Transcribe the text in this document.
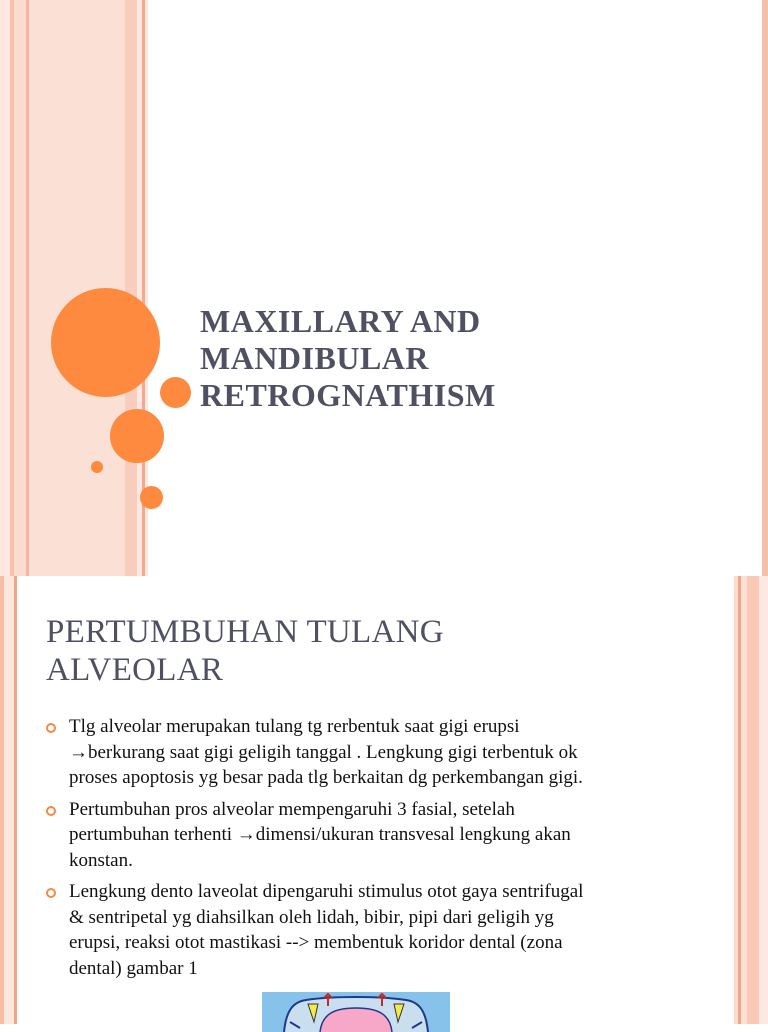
MAXILLARY AND
MANDIBULAR
RETROGNATHISM
PERTUMBUHAN TULANG
ALVEOLAR
Tlg alveolar merupakan tulang tg rerbentuk saat gigi erupsi
→berkurang saat gigi geligih tanggal . Lengkung gigi terbentuk ok
proses apoptosis yg besar pada tlg berkaitan dg perkembangan gigi.
Pertumbuhan pros alveolar mempengaruhi 3 fasial, setelah
pertumbuhan terhenti →dimensi/ukuran transvesal lengkung akan
konstan.
Lengkung dento laveolat dipengaruhi stimulus otot gaya sentrifugal
& sentripetal yg diahsilkan oleh lidah, bibir, pipi dari geligih yg
erupsi, reaksi otot mastikasi --> membentuk koridor dental (zona
dental) gambar 1
